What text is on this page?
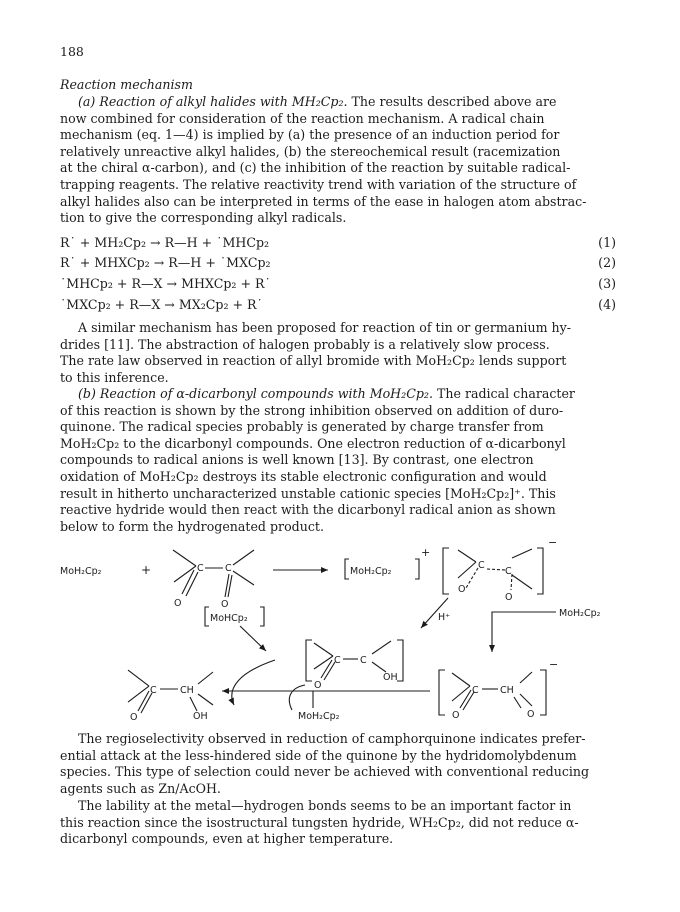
188
Reaction mechanism
(a) Reaction of alkyl halides with MH₂Cp₂. The results described above are
now combined for consideration of the reaction mechanism. A radical chain
mechanism (eq. 1—4) is implied by (a) the presence of an induction period for
relatively unreactive alkyl halides, (b) the stereochemical result (racemization
at the chiral α-carbon), and (c) the inhibition of the reaction by suitable radical-
trapping reagents. The relative reactivity trend with variation of the structure of
alkyl halides also can be interpreted in terms of the ease in halogen atom abstrac-
tion to give the corresponding alkyl radicals.
R˙ + MH₂Cp₂ → R—H + ˙MHCp₂	(1)
R˙ + MHXCp₂ → R—H + ˙MXCp₂	(2)
˙MHCp₂ + R—X → MHXCp₂ + R˙	(3)
˙MXCp₂ + R—X → MX₂Cp₂ + R˙	(4)
A similar mechanism has been proposed for reaction of tin or germanium hy-
drides [11]. The abstraction of halogen probably is a relatively slow process.
The rate law observed in reaction of allyl bromide with MoH₂Cp₂ lends support
to this inference.
(b) Reaction of α-dicarbonyl compounds with MoH₂Cp₂. The radical character
of this reaction is shown by the strong inhibition observed on addition of duro-
quinone. The radical species probably is generated by charge transfer from
MoH₂Cp₂ to the dicarbonyl compounds. One electron reduction of α-dicarbonyl
compounds to radical anions is well known [13]. By contrast, one electron
oxidation of MoH₂Cp₂ destroys its stable electronic configuration and would
result in hitherto uncharacterized unstable cationic species [MoH₂Cp₂]⁺. This
reactive hydride would then react with the dicarbonyl radical anion as shown
below to form the hydrogenated product.
MoH₂Cp₂	+	C C
O	O
MoH₂Cp₂
+
C
C
O
O
−
MoHCp₂	H⁺	MoH₂Cp₂
C C
O
OH
C CH
O	OH	MoH₂Cp₂
C CH
O	O
−
The regioselectivity observed in reduction of camphorquinone indicates prefer-
ential attack at the less-hindered side of the quinone by the hydridomolybdenum
species. This type of selection could never be achieved with conventional reducing
agents such as Zn/AcOH.
The lability at the metal—hydrogen bonds seems to be an important factor in
this reaction since the isostructural tungsten hydride, WH₂Cp₂, did not reduce α-
dicarbonyl compounds, even at higher temperature.
